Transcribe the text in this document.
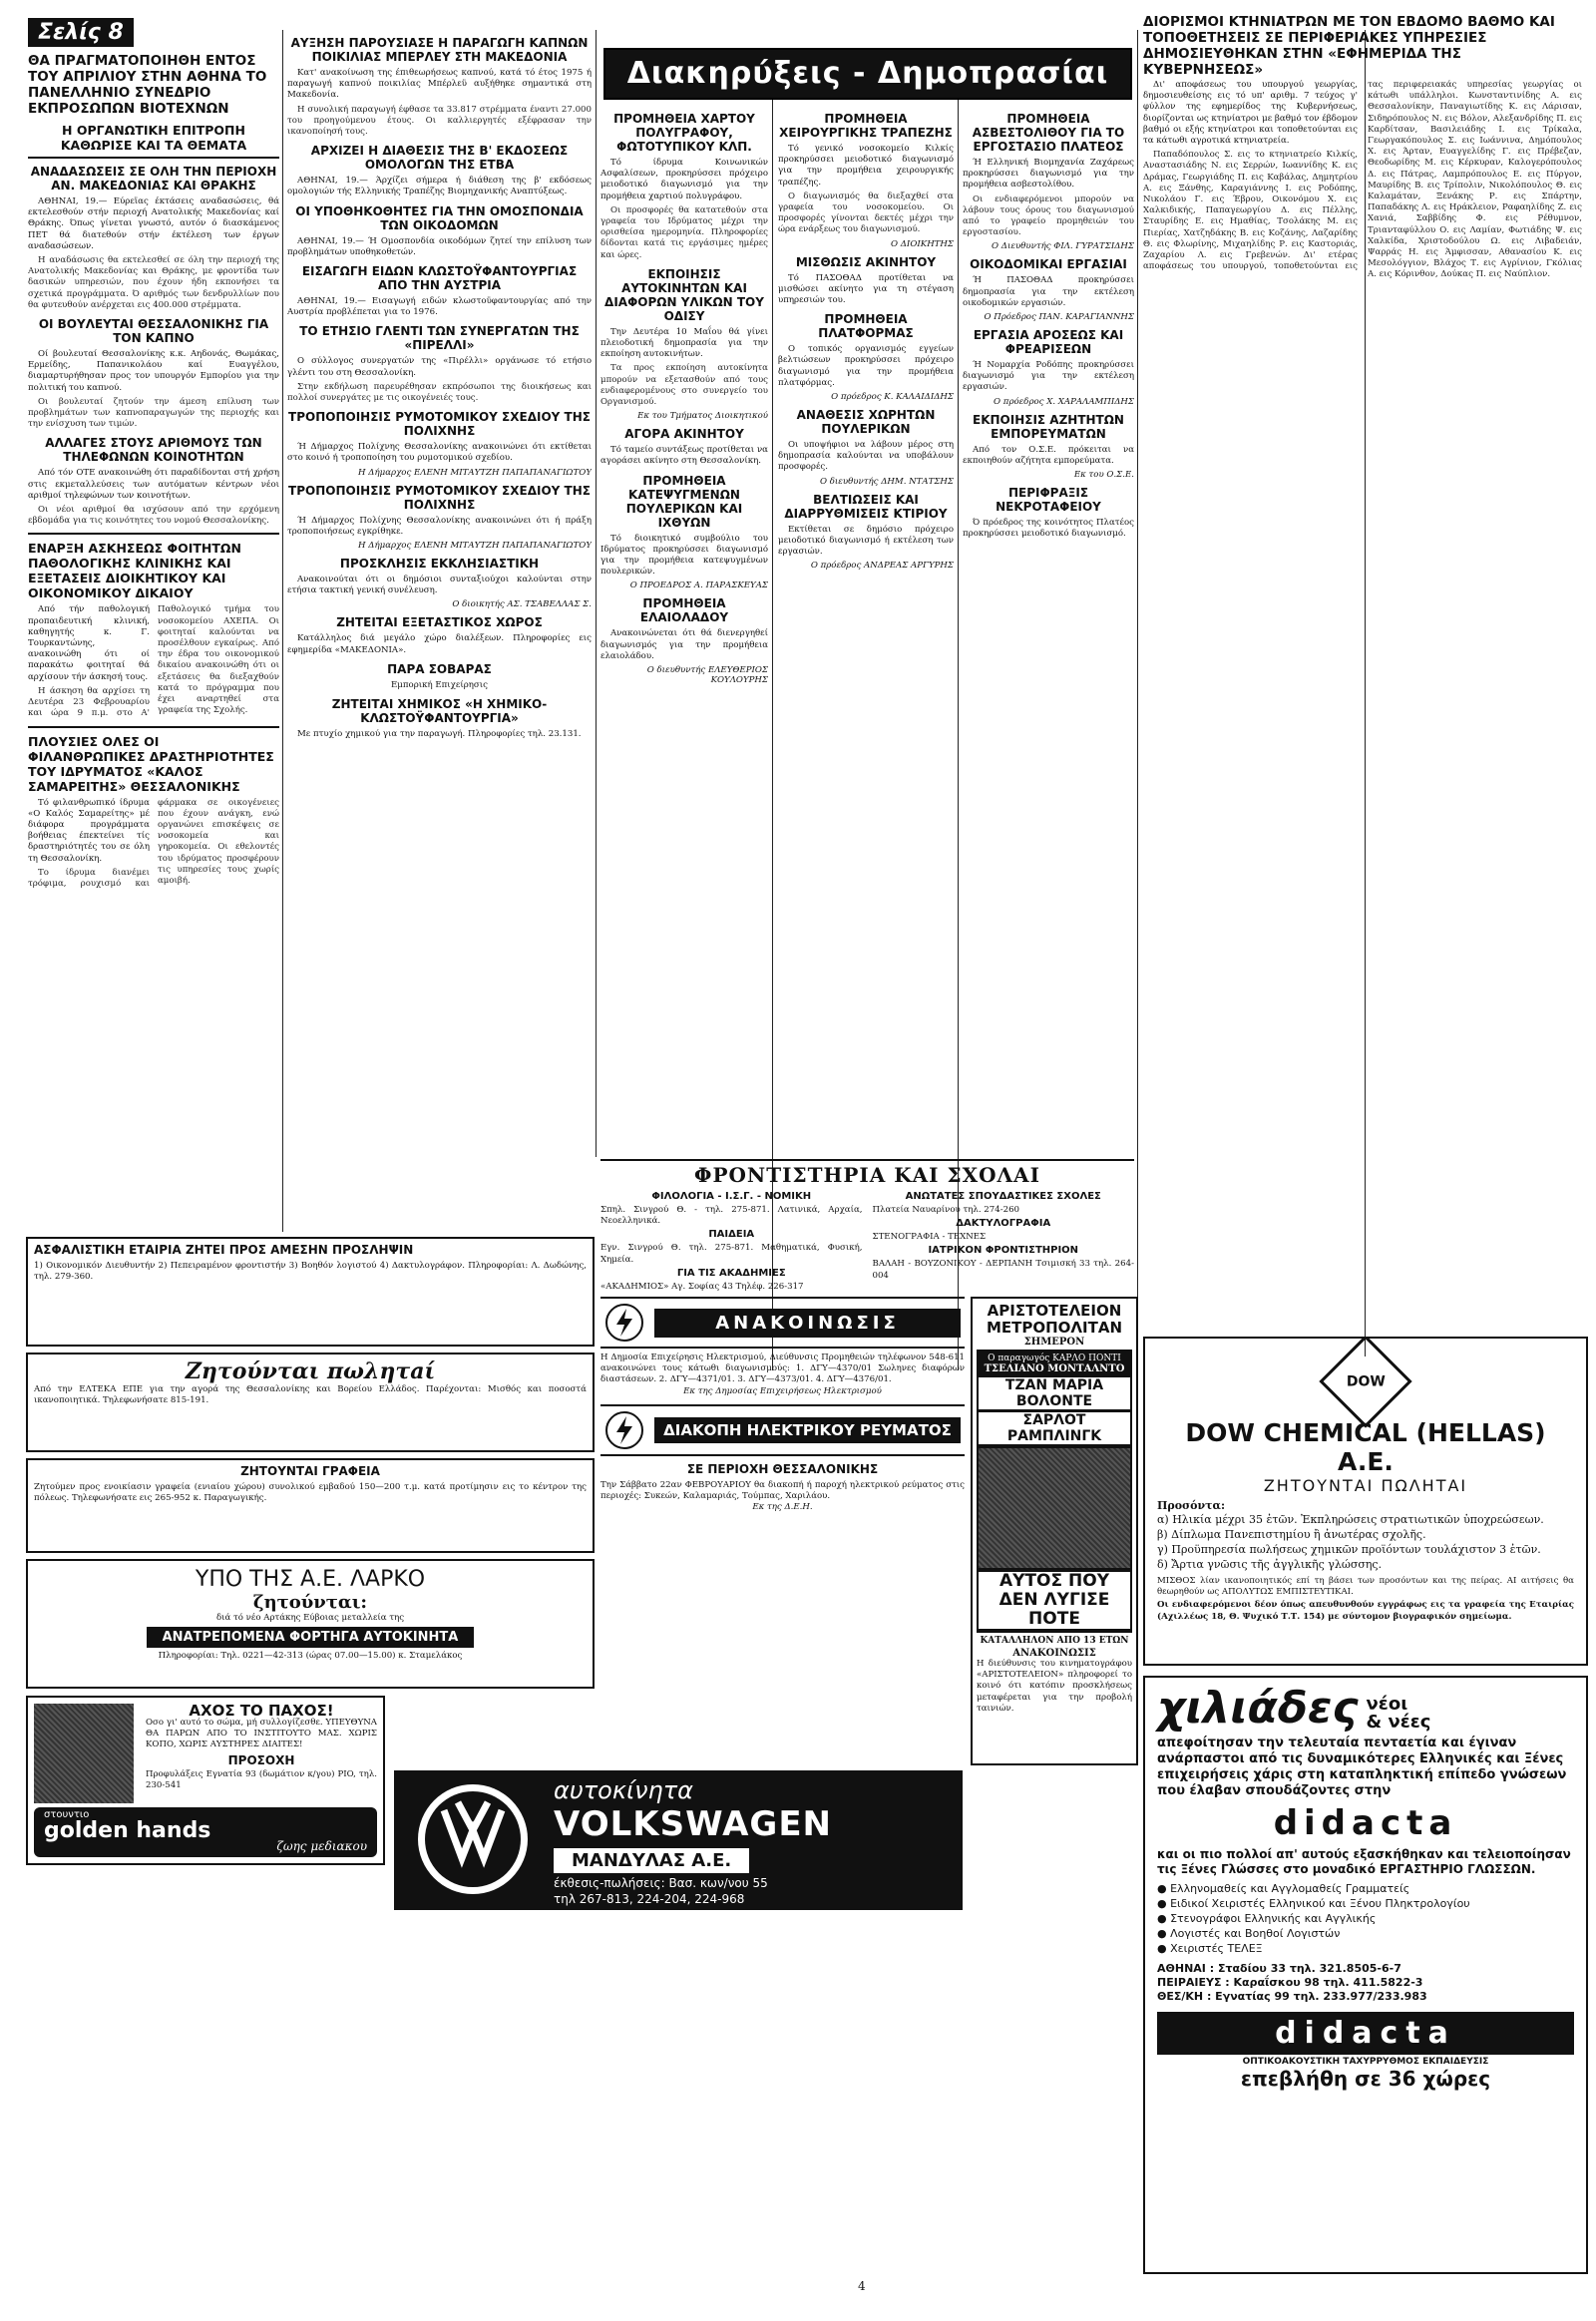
Σελίς 8
ΘΑ ΠΡΑΓΜΑΤΟΠΟΙΗΘΗ ΕΝΤΟΣ ΤΟΥ ΑΠΡΙΛΙΟΥ ΣΤΗΝ ΑΘΗΝΑ ΤΟ ΠΑΝΕΛΛΗΝΙΟ ΣΥΝΕΔΡΙΟ ΕΚΠΡΟΣΩΠΩΝ ΒΙΟΤΕΧΝΩΝ
Η ΟΡΓΑΝΩΤΙΚΗ ΕΠΙΤΡΟΠΗ ΚΑΘΩΡΙΣΕ ΚΑΙ ΤΑ ΘΕΜΑΤΑ
ΑΝΑΔΑΣΩΣΕΙΣ ΣΕ ΟΛΗ ΤΗΝ ΠΕΡΙΟΧΗ ΑΝ. ΜΑΚΕΔΟΝΙΑΣ ΚΑΙ ΘΡΑΚΗΣ

ΑΘΗΝΑΙ, 19.— Εύρεϊας έκτάσεις αναδασώσεις, θά εκτελεσθούν στήν περιοχή Ανατολικής Μακεδονίας καί Θράκης. Όπως γίνεται γνωστό, αυτόν ό διασκάμενος ΠΕΤ θά διατεθούν στήν έκτέλεση των έργων αναδασώσεων.

Η αναδάσωσις θα εκτελεσθεί σε όλη την περιοχή της Ανατολικής Μακεδονίας και Θράκης, με φροντίδα των δασικών υπηρεσιών, που έχουν ήδη εκπονήσει τα σχετικά προγράμματα. Ό αριθμός των δενδρυλλίων που θα φυτευθούν ανέρχεται εις 400.000 στρέμματα.

ΟΙ ΒΟΥΛΕΥΤΑΙ ΘΕΣΣΑΛΟΝΙΚΗΣ ΓΙΑ ΤΟΝ ΚΑΠΝΟ

Οί βουλευταί Θεσσαλονίκης κ.κ. Αηδονάς, Θωμάκας, Ερμείδης, Παπανικολάου καί Ευαγγέλου, διαμαρτυρήθησαν προς τον υπουργόν Εμπορίου για την πολιτική του καπνού.

Οι βουλευταί ζητούν την άμεση επίλυση των προβλημάτων των καπνοπαραγωγών της περιοχής και την ενίσχυση των τιμών.

ΑΛΛΑΓΕΣ ΣΤΟΥΣ ΑΡΙΘΜΟΥΣ ΤΩΝ ΤΗΛΕΦΩΝΩΝ ΚΟΙΝΟΤΗΤΩΝ

Από τόν ΟΤΕ ανακοινώθη ότι παραδίδονται στή χρήση στις εκμεταλλεύσεις των αυτόματων κέντρων νέοι αριθμοί τηλεφώνων των κοινοτήτων.

Οι νέοι αριθμοί θα ισχύσουν από την ερχόμενη εβδομάδα για τις κοινότητες του νομού Θεσσαλονίκης.

ΕΝΑΡΞΗ ΑΣΚΗΣΕΩΣ ΦΟΙΤΗΤΩΝ ΠΑΘΟΛΟΓΙΚΗΣ ΚΛΙΝΙΚΗΣ ΚΑΙ ΕΞΕΤΑΣΕΙΣ ΔΙΟΙΚΗΤΙΚΟΥ ΚΑΙ ΟΙΚΟΝΟΜΙΚΟΥ ΔΙΚΑΙΟΥ

Από τήν παθολογική προπαιδευτική κλινική, καθηγητής κ. Γ. Τουρκαντώνης, ανακοινώθη ότι οί παρακάτω φοιτηταί θά αρχίσουν τήν άσκησή τους.

Η άσκηση θα αρχίσει τη Δευτέρα 23 Φεβρουαρίου και ώρα 9 π.μ. στο Α' Παθολογικό τμήμα του νοσοκομείου ΑΧΕΠΑ. Οι φοιτηταί καλούνται να προσέλθουν εγκαίρως. Από την έδρα του οικονομικού δικαίου ανακοινώθη ότι οι εξετάσεις θα διεξαχθούν κατά το πρόγραμμα που έχει αναρτηθεί στα γραφεία της Σχολής.

ΠΛΟΥΣΙΕΣ ΟΛΕΣ ΟΙ ΦΙΛΑΝΘΡΩΠΙΚΕΣ ΔΡΑΣΤΗΡΙΟΤΗΤΕΣ ΤΟΥ ΙΔΡΥΜΑΤΟΣ «ΚΑΛΟΣ ΣΑΜΑΡΕΙΤΗΣ» ΘΕΣΣΑΛΟΝΙΚΗΣ

Τό φιλανθρωπικό ίδρυμα «Ο Καλός Σαμαρείτης» μέ διάφορα προγράμματα βοήθειας έπεκτείνει τίς δραστηριότητές του σε όλη τη Θεσσαλονίκη.

Το ίδρυμα διανέμει τρόφιμα, ρουχισμό και φάρμακα σε οικογένειες που έχουν ανάγκη, ενώ οργανώνει επισκέψεις σε νοσοκομεία και γηροκομεία. Οι εθελοντές του ιδρύματος προσφέρουν τις υπηρεσίες τους χωρίς αμοιβή.

ΑΥΞΗΣΗ ΠΑΡΟΥΣΙΑΣΕ Η ΠΑΡΑΓΩΓΗ ΚΑΠΝΩΝ ΠΟΙΚΙΛΙΑΣ ΜΠΕΡΛΕΥ ΣΤΗ ΜΑΚΕΔΟΝΙΑ

Κατ' ανακοίνωση της έπιθεωρήσεως καπνού, κατά τό έτος 1975 ή παραγωγή καπνού ποικιλίας Μπέρλεϋ αυξήθηκε σημαντικά στη Μακεδονία.

Η συνολική παραγωγή έφθασε τα 33.817 στρέμματα έναντι 27.000 του προηγούμενου έτους. Οι καλλιεργητές εξέφρασαν την ικανοποίησή τους.

ΑΡΧΙΖΕΙ Η ΔΙΑΘΕΣΙΣ ΤΗΣ Β' ΕΚΔΟΣΕΩΣ ΟΜΟΛΟΓΩΝ ΤΗΣ ΕΤΒΑ

ΑΘΗΝΑΙ, 19.— Άρχίζει σήμερα ή διάθεση της β' εκδόσεως ομολογιών τής Ελληνικής Τραπέζης Βιομηχανικής Αναπτύξεως.

ΟΙ ΥΠΟΘΗΚΟΘΗΤΕΣ ΓΙΑ ΤΗΝ ΟΜΟΣΠΟΝΔΙΑ ΤΩΝ ΟΙΚΟΔΟΜΩΝ

ΑΘΗΝΑΙ, 19.— Ή Ομοσπονδία οικοδόμων ζητεί την επίλυση των προβλημάτων υποθηκοθετών.

ΕΙΣΑΓΩΓΗ ΕΙΔΩΝ ΚΛΩΣΤΟΫΦΑΝΤΟΥΡΓΙΑΣ ΑΠΟ ΤΗΝ ΑΥΣΤΡΙΑ

ΑΘΗΝΑΙ, 19.— Εισαγωγή ειδών κλωστοϋφαντουργίας από την Αυστρία προβλέπεται για το 1976.

ΤΟ ΕΤΗΣΙΟ ΓΛΕΝΤΙ ΤΩΝ ΣΥΝΕΡΓΑΤΩΝ ΤΗΣ «ΠΙΡΕΛΛΙ»

Ο σύλλογος συνεργατών της «Πιρέλλι» οργάνωσε τό ετήσιο γλέντι του στη Θεσσαλονίκη.

Στην εκδήλωση παρευρέθησαν εκπρόσωποι της διοικήσεως και πολλοί συνεργάτες με τις οικογένειές τους.

ΤΡΟΠΟΠΟΙΗΣΙΣ ΡΥΜΟΤΟΜΙΚΟΥ ΣΧΕΔΙΟΥ ΤΗΣ ΠΟΛΙΧΝΗΣ

Ή Δήμαρχος Πολίχνης Θεσσαλονίκης ανακοινώνει ότι εκτίθεται στο κοινό ή τροποποίηση του ρυμοτομικού σχεδίου.

Η Δήμαρχος ΕΛΕΝΗ ΜΙΤΑΥΤΖΗ ΠΑΠΑΠΑΝΑΓΙΩΤΟΥ
ΤΡΟΠΟΠΟΙΗΣΙΣ ΡΥΜΟΤΟΜΙΚΟΥ ΣΧΕΔΙΟΥ ΤΗΣ ΠΟΛΙΧΝΗΣ

Ή Δήμαρχος Πολίχνης Θεσσαλονίκης ανακοινώνει ότι ή πράξη τροποποιήσεως εγκρίθηκε.

Η Δήμαρχος ΕΛΕΝΗ ΜΙΤΑΥΤΖΗ ΠΑΠΑΠΑΝΑΓΙΩΤΟΥ
ΠΡΟΣΚΛΗΣΙΣ ΕΚΚΛΗΣΙΑΣΤΙΚΗ

Ανακοινούται ότι οι δημόσιοι συνταξιούχοι καλούνται στην ετήσια τακτική γενική συνέλευση.

Ο διοικητής ΑΣ. ΤΣΑΒΕΛΛΑΣ Σ.
ΖΗΤΕΙΤΑΙ ΕΞΕΤΑΣΤΙΚΟΣ ΧΩΡΟΣ

Κατάλληλος διά μεγάλο χώρο διαλέξεων. Πληροφορίες εις εφημερίδα «ΜΑΚΕΔΟΝΙΑ».

ΠΑΡΑ ΣΟΒΑΡΑΣ
Εμπορική Επιχείρησις
ΖΗΤΕΙΤΑΙ ΧΗΜΙΚΟΣ «Η ΧΗΜΙΚΟ-ΚΛΩΣΤΟΫΦΑΝΤΟΥΡΓΙΑ»

Με πτυχίο χημικού για την παραγωγή. Πληροφορίες τηλ. 23.131.

Διακηρύξεις - Δημοπρασίαι
ΠΡΟΜΗΘΕΙΑ ΧΑΡΤΟΥ ΠΟΛΥΓΡΑΦΟΥ, ΦΩΤΟΤΥΠΙΚΟΥ ΚΛΠ.

Τό ίδρυμα Κοινωνικών Ασφαλίσεων, προκηρύσσει πρόχειρο μειοδοτικό διαγωνισμό για την προμήθεια χαρτιού πολυγράφου.

Οι προσφορές θα κατατεθούν στα γραφεία του Ιδρύματος μέχρι την ορισθείσα ημερομηνία. Πληροφορίες δίδονται κατά τις εργάσιμες ημέρες και ώρες.

ΕΚΠΟΙΗΣΙΣ ΑΥΤΟΚΙΝΗΤΩΝ ΚΑΙ ΔΙΑΦΟΡΩΝ ΥΛΙΚΩΝ ΤΟΥ ΟΔΙΣΥ

Την Δευτέρα 10 Μαΐου θά γίνει πλειοδοτική δημοπρασία για την εκποίηση αυτοκινήτων.

Τα προς εκποίηση αυτοκίνητα μπορούν να εξετασθούν από τους ενδιαφερομένους στο συνεργείο του Οργανισμού.

Εκ του Τμήματος Διοικητικού
ΑΓΟΡΑ ΑΚΙΝΗΤΟΥ

Τό ταμείο συντάξεως προτίθεται να αγοράσει ακίνητο στη Θεσσαλονίκη.

ΠΡΟΜΗΘΕΙΑ ΚΑΤΕΨΥΓΜΕΝΩΝ ΠΟΥΛΕΡΙΚΩΝ ΚΑΙ ΙΧΘΥΩΝ

Τό διοικητικό συμβούλιο του Ιδρύματος προκηρύσσει διαγωνισμό για την προμήθεια κατεψυγμένων πουλερικών.

Ο ΠΡΟΕΔΡΟΣ Α. ΠΑΡΑΣΚΕΥΑΣ
ΠΡΟΜΗΘΕΙΑ ΕΛΑΙΟΛΑΔΟΥ

Ανακοινώνεται ότι θά διενεργηθεί διαγωνισμός για την προμήθεια ελαιολάδου.

Ο διευθυντής ΕΛΕΥΘΕΡΙΟΣ ΚΟΥΛΟΥΡΗΣ
ΠΡΟΜΗΘΕΙΑ ΧΕΙΡΟΥΡΓΙΚΗΣ ΤΡΑΠΕΖΗΣ

Τό γενικό νοσοκομείο Κιλκίς προκηρύσσει μειοδοτικό διαγωνισμό για την προμήθεια χειρουργικής τραπέζης.

Ο διαγωνισμός θα διεξαχθεί στα γραφεία του νοσοκομείου. Οι προσφορές γίνονται δεκτές μέχρι την ώρα ενάρξεως του διαγωνισμού.

Ο ΔΙΟΙΚΗΤΗΣ
ΜΙΣΘΩΣΙΣ ΑΚΙΝΗΤΟΥ

Τό ΠΑΣΟΘΑΔ προτίθεται να μισθώσει ακίνητο για τη στέγαση υπηρεσιών του.

ΠΡΟΜΗΘΕΙΑ ΠΛΑΤΦΟΡΜΑΣ

Ο τοπικός οργανισμός εγγείων βελτιώσεων προκηρύσσει πρόχειρο διαγωνισμό για την προμήθεια πλατφόρμας.

Ο πρόεδρος Κ. ΚΑΛΑΙΔΙΔΗΣ
ΑΝΑΘΕΣΙΣ ΧΩΡΗΤΩΝ ΠΟΥΛΕΡΙΚΩΝ

Οι υποψήφιοι να λάβουν μέρος στη δημοπρασία καλούνται να υποβάλουν προσφορές.

Ο διευθυντής ΔΗΜ. ΝΤΑΤΣΗΣ
ΒΕΛΤΙΩΣΕΙΣ ΚΑΙ ΔΙΑΡΡΥΘΜΙΣΕΙΣ ΚΤΙΡΙΟΥ

Εκτίθεται σε δημόσιο πρόχειρο μειοδοτικό διαγωνισμό ή εκτέλεση των εργασιών.

Ο πρόεδρος ΑΝΔΡΕΑΣ ΑΡΓΥΡΗΣ
ΠΡΟΜΗΘΕΙΑ ΑΣΒΕΣΤΟΛΙΘΟΥ ΓΙΑ ΤΟ ΕΡΓΟΣΤΑΣΙΟ ΠΛΑΤΕΟΣ

Ή Ελληνική Βιομηχανία Ζαχάρεως προκηρύσσει διαγωνισμό για την προμήθεια ασβεστολίθου.

Οι ενδιαφερόμενοι μπορούν να λάβουν τους όρους του διαγωνισμού από το γραφείο προμηθειών του εργοστασίου.

Ο Διευθυντής ΦΙΛ. ΓΥΡΑΤΣΙΔΗΣ
ΟΙΚΟΔΟΜΙΚΑΙ ΕΡΓΑΣΙΑΙ

Ή ΠΑΣΟΘΑΔ προκηρύσσει δημοπρασία για την εκτέλεση οικοδομικών εργασιών.

Ο Πρόεδρος ΠΑΝ. ΚΑΡΑΓΙΑΝΝΗΣ
ΕΡΓΑΣΙΑ ΑΡΟΣΕΩΣ ΚΑΙ ΦΡΕΑΡΙΣΕΩΝ

Ή Νομαρχία Ροδόπης προκηρύσσει διαγωνισμό για την εκτέλεση εργασιών.

Ο πρόεδρος Χ. ΧΑΡΑΛΑΜΠΙΔΗΣ
ΕΚΠΟΙΗΣΙΣ ΑΖΗΤΗΤΩΝ ΕΜΠΟΡΕΥΜΑΤΩΝ

Από τον Ο.Σ.Ε. πρόκειται να εκποιηθούν αζήτητα εμπορεύματα.

Εκ του Ο.Σ.Ε.
ΠΕΡΙΦΡΑΞΙΣ ΝΕΚΡΟΤΑΦΕΙΟΥ

Ό πρόεδρος της κοινότητος Πλατέος προκηρύσσει μειοδοτικό διαγωνισμό.

ΔΙΟΡΙΣΜΟΙ ΚΤΗΝΙΑΤΡΩΝ ΜΕ ΤΟΝ ΕΒΔΟΜΟ ΒΑΘΜΟ ΚΑΙ ΤΟΠΟΘΕΤΗΣΕΙΣ ΣΕ ΠΕΡΙΦΕΡΙΑΚΕΣ ΥΠΗΡΕΣΙΕΣ ΔΗΜΟΣΙΕΥΘΗΚΑΝ ΣΤΗΝ «ΕΦΗΜΕΡΙΔΑ ΤΗΣ ΚΥΒΕΡΝΗΣΕΩΣ»

Δι' αποφάσεως του υπουργού γεωργίας, δημοσιευθείσης εις τό υπ' αριθμ. 7 τεύχος γ' φύλλον της εφημερίδος της Κυβερνήσεως, διορίζονται ως κτηνίατροι με βαθμό τον έβδομον βαθμό οι εξής κτηνίατροι και τοποθετούνται εις τα κάτωθι αγροτικά κτηνιατρεία.

Παπαδόπουλος Σ. εις το κτηνιατρείο Κιλκίς, Αναστασιάδης Ν. εις Σερρών, Ιωαννίδης Κ. εις Δράμας, Γεωργιάδης Π. εις Καβάλας, Δημητρίου Α. εις Ξάνθης, Καραγιάννης Ι. εις Ροδόπης, Νικολάου Γ. εις Έβρου, Οικονόμου Χ. εις Χαλκιδικής, Παπαγεωργίου Δ. εις Πέλλης, Σταυρίδης Ε. εις Ημαθίας, Τσολάκης Μ. εις Πιερίας, Χατζηδάκης Β. εις Κοζάνης, Λαζαρίδης Θ. εις Φλωρίνης, Μιχαηλίδης Ρ. εις Καστοριάς, Ζαχαρίου Λ. εις Γρεβενών. Δι' ετέρας αποφάσεως του υπουργού, τοποθετούνται εις τας περιφερειακάς υπηρεσίας γεωργίας οι κάτωθι υπάλληλοι. Κωνσταντινίδης Α. εις Θεσσαλονίκην, Παναγιωτίδης Κ. εις Λάρισαν, Σιδηρόπουλος Ν. εις Βόλον, Αλεξανδρίδης Π. εις Καρδίτσαν, Βασιλειάδης Ι. εις Τρίκαλα, Γεωργακόπουλος Σ. εις Ιωάννινα, Δημόπουλος Χ. εις Άρταν, Ευαγγελίδης Γ. εις Πρέβεζαν, Θεοδωρίδης Μ. εις Κέρκυραν, Καλογερόπουλος Δ. εις Πάτρας, Λαμπρόπουλος Ε. εις Πύργον, Μαυρίδης Β. εις Τρίπολιν, Νικολόπουλος Θ. εις Καλαμάταν, Ξενάκης Ρ. εις Σπάρτην, Παπαδάκης Λ. εις Ηράκλειον, Ραφαηλίδης Ζ. εις Χανιά, Σαββίδης Φ. εις Ρέθυμνον, Τριανταφύλλου Ο. εις Λαμίαν, Φωτιάδης Ψ. εις Χαλκίδα, Χριστοδούλου Ω. εις Λιβαδειάν, Ψαρράς Η. εις Άμφισσαν, Αθανασίου Κ. εις Μεσολόγγιον, Βλάχος Τ. εις Αγρίνιον, Γκόλιας Α. εις Κόρινθον, Δούκας Π. εις Ναύπλιον.

ΑΣΦΑΛΙΣΤΙΚΗ ΕΤΑΙΡΙΑ ΖΗΤΕΙ ΠΡΟΣ ΑΜΕΣΗΝ ΠΡΟΣΛΗΨΙΝ
1) Οικονομικόν Διευθυντήν 2) Πεπειραμένον φροντιστήν 3) Βοηθόν λογιστού 4) Δακτυλογράφον. Πληροφορίαι: Λ. Δωδώνης, τηλ. 279-360.
Ζητούνται πωλητaί
Από την ΕΛΤΕΚΑ ΕΠΕ για την αγορά της Θεσσαλονίκης και Βορείου Ελλάδος. Παρέχονται: Μισθός και ποσοστά ικανοποιητικά. Τηλεφωνήσατε 815-191.
ΖΗΤΟΥΝΤΑΙ ΓΡΑΦΕΙΑ
Ζητούμεν προς ενοικίασιν γραφεία (ενιαίου χώρου) συνολικού εμβαδού 150—200 τ.μ. κατά προτίμησιν εις το κέντρον της πόλεως. Τηλεφωνήσατε εις 265-952 κ. Παραγωγικής.
ΥΠΟ ΤΗΣ Α.Ε. ΛΑΡΚΟ
ζητούνται:
διά τό νέο Αρτάκης Εύβοιας μεταλλεία της
ΑΝΑΤΡΕΠΟΜΕΝΑ ΦΟΡΤΗΓΑ ΑΥΤΟΚΙΝΗΤΑ
Πληροφορίαι: Τηλ. 0221—42-313 (ώρας 07.00—15.00) κ. Σταμελάκος
ΑΧΟΣ ΤΟ ΠΑΧΟΣ!
Οσο γι' αυτό το σώμα, μή συλλογίζεσθε. ΥΠΕΥΘΥΝΑ ΘΑ ΠΑΡΩΝ ΑΠΟ ΤΟ ΙΝΣΤΙΤΟΥΤΟ ΜΑΣ. ΧΩΡΙΣ ΚΟΠΟ, ΧΩΡΙΣ ΑΥΣΤΗΡΕΣ ΔΙΑΙΤΕΣ!
ΠΡΟΣΟΧΗ
Προφυλάξεις Εγνατία 93 (δωμάτιον κ/γου) PIO, τηλ. 230-541
στουντιο
golden hands
ζωης μεδιακου
αυτοκίνητα
VOLKSWAGEN
ΜΑΝΔΥΛΑΣ Α.Ε.
έκθεσις-πωλήσεις: Βασ. κων/νου 55
τηλ 267-813, 224-204, 224-968
ΦΡΟΝΤΙΣΤΗΡΙΑ ΚΑΙ ΣΧΟΛΑΙ
ΦΙΛΟΛΟΓΙΑ - Ι.Σ.Γ. - ΝΟΜΙΚΗ
Σπηλ. Σινγρού Θ. - τηλ. 275-871. Λατινικά, Αρχαία, Νεοελληνικά.
ΠΑΙΔΕΙΑ
Εγν. Σινγρού Θ. τηλ. 275-871. Μαθηματικά, Φυσική, Χημεία.
ΓΙΑ ΤΙΣ ΑΚΑΔΗΜΙΕΣ
«ΑΚΑΔΗΜΙΟΣ» Αγ. Σοφίας 43 Τηλέφ. 226-317
ΑΝΩΤΑΤΕΣ ΣΠΟΥΔΑΣΤΙΚΕΣ ΣΧΟΛΕΣ
Πλατεία Ναυαρίνου τηλ. 274-260
ΔΑΚΤΥΛΟΓΡΑΦΙΑ
ΣΤΕΝΟΓΡΑΦΙΑ - ΤΕΧΝΕΣ
ΙΑΤΡΙΚΟΝ ΦΡΟΝΤΙΣΤΗΡΙΟΝ
ΒΑΛΑΗ - ΒΟΥΖΟΝΙΚΟΥ - ΔΕΡΠΑΝΗ Τσιμισκή 33 τηλ. 264-004
ΑΝΑΚΟΙΝΩΣΙΣ
Η Δημοσία Επιχείρησις Ηλεκτρισμού, Διεύθυνσις Προμηθειών τηλέφωνον 548-611 ανακοινώνει τους κάτωθι διαγωνισμούς: 1. ΔΓΥ—4370/01 Σωληνες διαφόρων διαστάσεων. 2. ΔΓΥ—4371/01. 3. ΔΓΥ—4373/01. 4. ΔΓΥ—4376/01.
Εκ της Δημοσίας Επιχειρήσεως Ηλεκτρισμού
ΔΙΑΚΟΠΗ ΗΛΕΚΤΡΙΚΟΥ ΡΕΥΜΑΤΟΣ
ΣΕ ΠΕΡΙΟΧΗ ΘΕΣΣΑΛΟΝΙΚΗΣ
Την Σάββατο 22αν ΦΕΒΡΟΥΑΡΙΟΥ θα διακοπή ή παροχή ηλεκτρικού ρεύματος στις περιοχές: Συκεών, Καλαμαριάς, Τούμπας, Χαριλάου.
Εκ της Δ.Ε.Η.
ΑΡΙΣΤΟΤΕΛΕΙΟΝ ΜΕΤΡΟΠΟΛΙΤΑΝ
ΣΗΜΕΡΟΝ
Ο παραγωγός ΚΑΡΛΟ ΠΟΝΤΙ
ΤΣΕΛΙΑΝΟ ΜΟΝΤΑΛΝΤΟ
ΤΖΑΝ ΜΑΡΙΑ ΒΟΛΟΝΤΕ
ΣΑΡΛΟΤ ΡΑΜΠΛΙΝΓΚ
ΑΥΤΟΣ ΠΟΥ ΔΕΝ ΛΥΓΙΣΕ ΠΟΤΕ
ΚΑΤΑΛΛΗΛΟΝ ΑΠΟ 13 ΕΤΩΝ
ΑΝΑΚΟΙΝΩΣΙΣ
Η διεύθυνσις του κινηματογράφου «ΑΡΙΣΤΟΤΕΛΕΙΟΝ» πληροφορεί το κοινό ότι κατόπιν προσκλήσεως μεταφέρεται για την προβολή ταινιών.
DOW
DOW CHEMICAL (HELLAS) A.E.
ΖΗΤΟΥΝΤΑΙ ΠΩΛΗΤΑΙ
Προσόντα:
α) Ηλικία μέχρι 35 ἐτῶν. Ἐκπληρώσεις στρατιωτικῶν ὑποχρεώσεων.
β) Δίπλωμα Πανεπιστημίου ἢ ἀνωτέρας σχολῆς.
γ) Προϋπηρεσία πωλήσεως χημικῶν προϊόντων τουλάχιστον 3 ἐτῶν.
δ) Ἄρτια γνῶσις τῆς ἀγγλικῆς γλώσσης.
ΜΙΣΘΟΣ λίαν ικανοποιητικός επί τη βάσει των προσόντων και της πείρας. ΑΙ αιτήσεις θα θεωρηθούν ως ΑΠΟΛΥΤΩΣ ΕΜΠΙΣΤΕΥΤΙΚΑΙ.
Οι ενδιαφερόμενοι δέον όπως απευθυνθούν εγγράφως εις τα γραφεία της Εταιρίας (Αχιλλέως 18, Θ. Ψυχικό Τ.Τ. 154) με σύντομον βιογραφικόν σημείωμα.
χιλιάδες νέοι
& νέες
απεφοίτησαν την τελευταία πενταετία και έγιναν ανάρπαστοι από τις δυναμικότερες Ελληνικές και Ξένες επιχειρήσεις χάρις στη καταπληκτική επίπεδο γνώσεων που έλαβαν σπουδάζοντες στην
didacta
και οι πιο πολλοί απ' αυτούς εξασκήθηκαν και τελειοποίησαν τις Ξένες Γλώσσες στο μοναδικό ΕΡΓΑΣΤΗΡΙΟ ΓΛΩΣΣΩΝ.
● Ελληνομαθείς και Αγγλομαθείς Γραμματείς
● Ειδικοί Χειριστές Ελληνικού και Ξένου Πληκτρολογίου
● Στενογράφοι Ελληνικής και Αγγλικής
● Λογιστές και Βοηθοί Λογιστών
● Χειριστές ΤΕΛΕΞ
ΑΘΗΝΑΙ : Σταδίου 33 τηλ. 321.8505-6-7
ΠΕΙΡΑΙΕΥΣ : Καραΐσκου 98 τηλ. 411.5822-3
ΘΕΣ/ΚΗ : Εγνατίας 99 τηλ. 233.977/233.983
didacta
ΟΠΤΙΚΟΑΚΟΥΣΤΙΚΗ ΤΑΧΥΡΡΥΘΜΟΣ ΕΚΠΑΙΔΕΥΣΙΣ
επεβλήθη σε 36 χώρες
4
